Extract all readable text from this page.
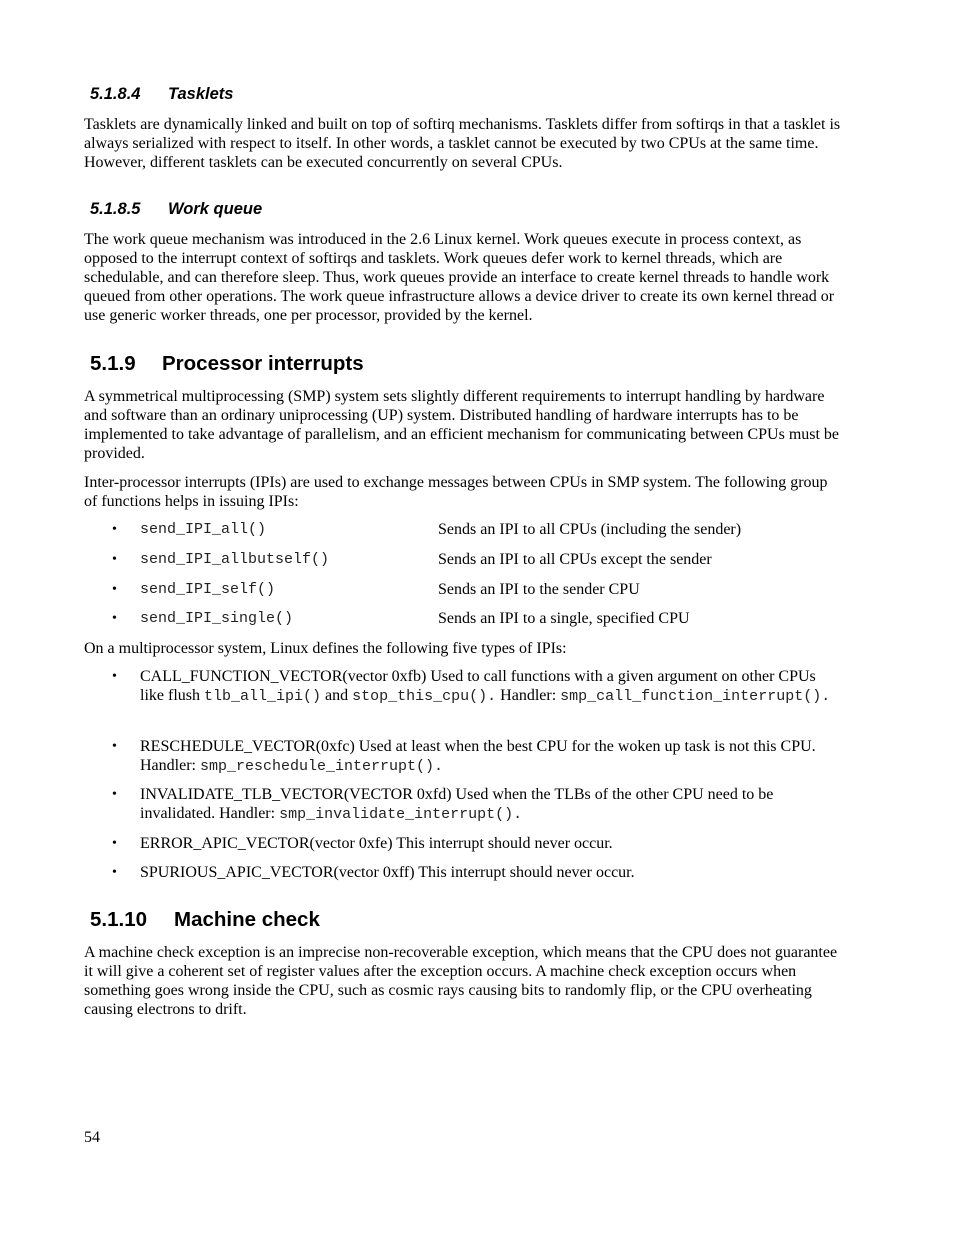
5.1.8.4 Tasklets

Tasklets are dynamically linked and built on top of softirq mechanisms. Tasklets differ from softirqs in that a tasklet is always serialized with respect to itself. In other words, a tasklet cannot be executed by two CPUs at the same time. However, different tasklets can be executed concurrently on several CPUs.

5.1.8.5 Work queue

The work queue mechanism was introduced in the 2.6 Linux kernel. Work queues execute in process context, as opposed to the interrupt context of softirqs and tasklets. Work queues defer work to kernel threads, which are schedulable, and can therefore sleep. Thus, work queues provide an interface to create kernel threads to handle work queued from other operations. The work queue infrastructure allows a device driver to create its own kernel thread or use generic worker threads, one per processor, provided by the kernel.

5.1.9 Processor interrupts

A symmetrical multiprocessing (SMP) system sets slightly different requirements to interrupt handling by hardware and software than an ordinary uniprocessing (UP) system. Distributed handling of hardware interrupts has to be implemented to take advantage of parallelism, and an efficient mechanism for communicating between CPUs must be provided.

Inter-processor interrupts (IPIs) are used to exchange messages between CPUs in SMP system. The following group of functions helps in issuing IPIs:

• send_IPI_all()	Sends an IPI to all CPUs (including the sender)
• send_IPI_allbutself()	Sends an IPI to all CPUs except the sender
• send_IPI_self()	Sends an IPI to the sender CPU
• send_IPI_single()	Sends an IPI to a single, specified CPU

On a multiprocessor system, Linux defines the following five types of IPIs:

• CALL_FUNCTION_VECTOR(vector 0xfb) Used to call functions with a given argument on other CPUs like flush tlb_all_ipi() and stop_this_cpu(). Handler: smp_call_function_interrupt().

• RESCHEDULE_VECTOR(0xfc) Used at least when the best CPU for the woken up task is not this CPU. Handler: smp_reschedule_interrupt().

• INVALIDATE_TLB_VECTOR(VECTOR 0xfd) Used when the TLBs of the other CPU need to be invalidated. Handler: smp_invalidate_interrupt().

• ERROR_APIC_VECTOR(vector 0xfe) This interrupt should never occur.

• SPURIOUS_APIC_VECTOR(vector 0xff) This interrupt should never occur.

5.1.10 Machine check

A machine check exception is an imprecise non-recoverable exception, which means that the CPU does not guarantee it will give a coherent set of register values after the exception occurs. A machine check exception occurs when something goes wrong inside the CPU, such as cosmic rays causing bits to randomly flip, or the CPU overheating causing electrons to drift.

54
